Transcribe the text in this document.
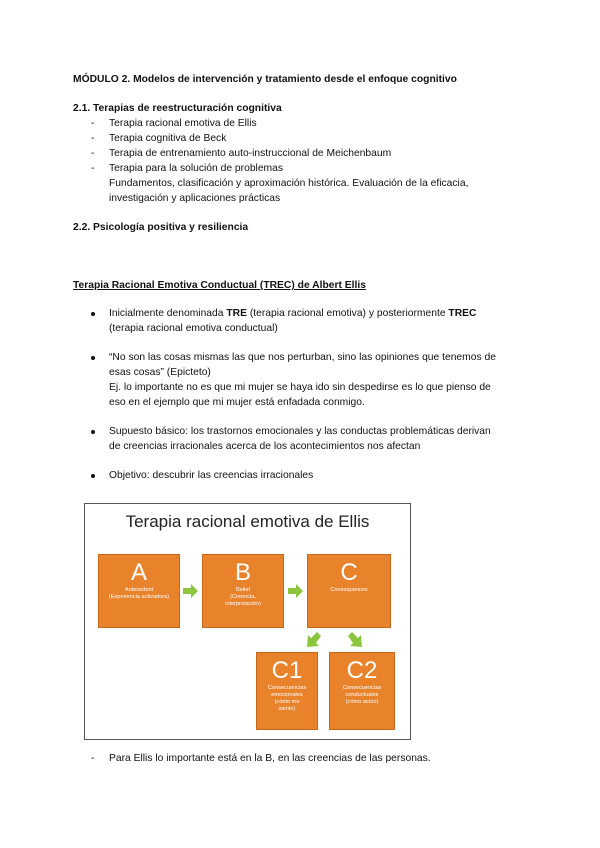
MÓDULO 2. Modelos de intervención y tratamiento desde el enfoque cognitivo
2.1. Terapias de reestructuración cognitiva
- Terapia racional emotiva de Ellis
- Terapia cognitiva de Beck
- Terapia de entrenamiento auto-instruccional de Meichenbaum
- Terapia para la solución de problemas
Fundamentos, clasificación y aproximación histórica. Evaluación de la eficacia,
investigación y aplicaciones prácticas
2.2. Psicología positiva y resiliencia
Terapia Racional Emotiva Conductual (TREC) de Albert Ellis
Inicialmente denominada TRE (terapia racional emotiva) y posteriormente TREC
(terapia racional emotiva conductual)
“No son las cosas mismas las que nos perturban, sino las opiniones que tenemos de
esas cosas” (Epicteto)
Ej. lo importante no es que mi mujer se haya ido sin despedirse es lo que pienso de
eso en el ejemplo que mi mujer está enfadada conmigo.
Supuesto básico: los trastornos emocionales y las conductas problemáticas derivan
de creencias irracionales acerca de los acontecimientos nos afectan
Objetivo: descubrir las creencias irracionales
Terapia racional emotiva de Ellis
A
Antecedent
(Experiencia activadora)
B
Belief
(Creencia,
interpretación)
C
Consequences
C1
Consecuencias
emocionales
(cómo me
siento)
C2
Consecuencias
conductuales
(cómo actúo)
- Para Ellis lo importante está en la B, en las creencias de las personas.
